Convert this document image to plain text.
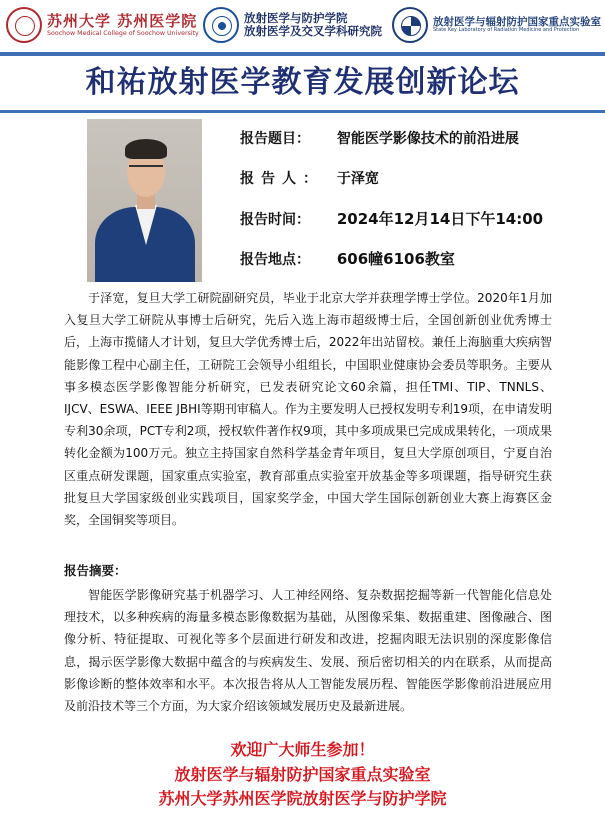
苏州大学 苏州医学院
Soochow Medical College of Soochow University
放射医学与防护学院
放射医学及交叉学科研究院
放射医学与辐射防护国家重点实验室
State Key Laboratory of Radiation Medicine and Protection
和祐放射医学教育发展创新论坛
报告题目： 智能医学影像技术的前沿进展
报告人： 于泽宽
报告时间： 2024年12月14日下午14:00
报告地点： 606幢6106教室

于泽宽，复旦大学工研院副研究员，毕业于北京大学并获理学博士学位。2020年1月加入复旦大学工研院从事博士后研究，先后入选上海市超级博士后，全国创新创业优秀博士后，上海市揽储人才计划，复旦大学优秀博士后，2022年出站留校。兼任上海脑重大疾病智能影像工程中心副主任，工研院工会领导小组组长，中国职业健康协会委员等职务。主要从事多模态医学影像智能分析研究，已发表研究论文60余篇，担任TMI、TIP、TNNLS、IJCV、ESWA、IEEE JBHI等期刊审稿人。作为主要发明人已授权发明专利19项，在申请发明专利30余项，PCT专利2项，授权软件著作权9项，其中多项成果已完成成果转化，一项成果转化金额为100万元。独立主持国家自然科学基金青年项目，复旦大学原创项目，宁夏自治区重点研发课题，国家重点实验室，教育部重点实验室开放基金等多项课题，指导研究生获批复旦大学国家级创业实践项目，国家奖学金，中国大学生国际创新创业大赛上海赛区金奖，全国铜奖等项目。

报告摘要：

智能医学影像研究基于机器学习、人工神经网络、复杂数据挖掘等新一代智能化信息处理技术，以多种疾病的海量多模态影像数据为基础，从图像采集、数据重建、图像融合、图像分析、特征提取、可视化等多个层面进行研发和改进，挖掘肉眼无法识别的深度影像信息，揭示医学影像大数据中蕴含的与疾病发生、发展、预后密切相关的内在联系，从而提高影像诊断的整体效率和水平。本次报告将从人工智能发展历程、智能医学影像前沿进展应用及前沿技术等三个方面，为大家介绍该领域发展历史及最新进展。

欢迎广大师生参加！
放射医学与辐射防护国家重点实验室
苏州大学苏州医学院放射医学与防护学院
